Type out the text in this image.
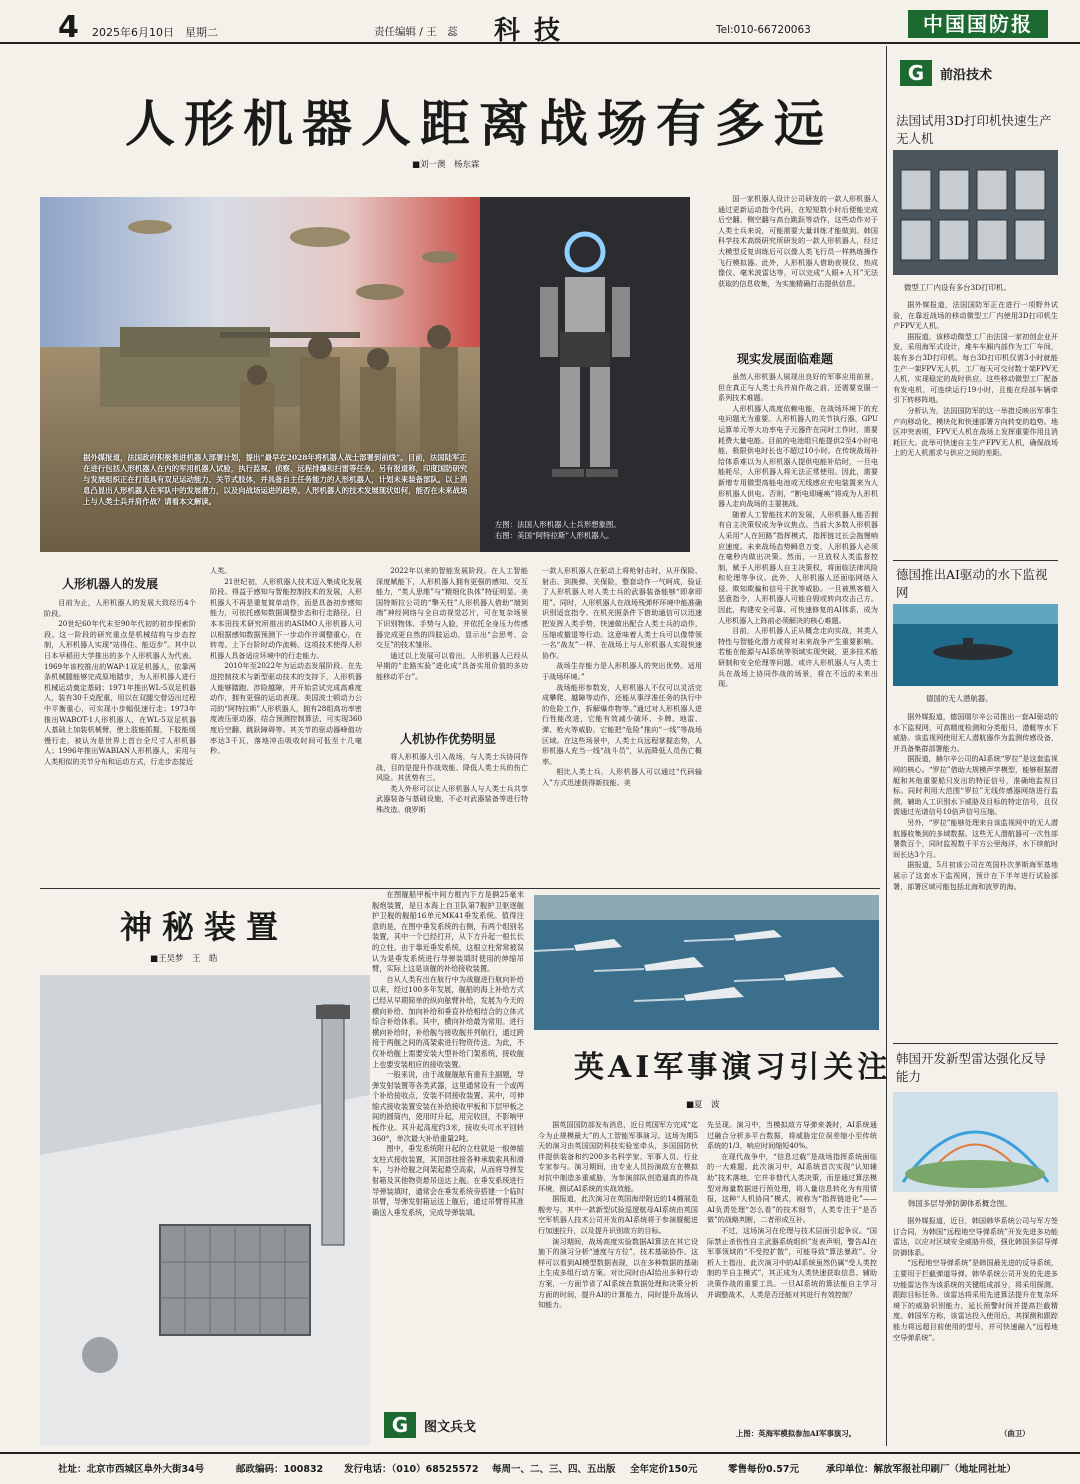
4 2025年6月10日　星期二	责任编辑 / 王　蕊 科技	Tel:010-66720063	中国国防报
人形机器人距离战场有多远
■刘一澳　杨东霖
据外媒报道，法国政府积极推进机器人部署计划，提出“最早在2028年将机器人战士部署到前线”。目前，法国陆军正在进行包括人形机器人在内的军用机器人试验，执行监视、侦察、远程排爆和扫雷等任务。另有报道称，印度国防研究与发展组织正在打造具有双足运动能力、关节式肢体，并具备自主任务能力的人形机器人，计划未来装备部队。以上消息凸显出人形机器人在军队中的发展潜力，以及向战场运进的趋势。人形机器人的技术发展现状如何，能否在未来战场上与人类士兵并肩作战？请看本文解读。
左图：法国人形机器人士兵形想象图。
右图：美国“阿特拉斯”人形机器人。

国一家机器人设计公司研发的一款人形机器人通过更新运动指令代码，在短短数小时后便能完成后空翻、侧空翻与高台跳跃等动作，这些动作对于人类士兵来说，可能需要大量训练才能做到。韩国科学技术高级研究所研发的一款人形机器人，经过大模型反复训练后可以像人类飞行员一样熟练操作飞行模拟器。此外，人形机器人借助夜视仪、热成像仪、毫米波雷达等，可以完成“人眼+人耳”无法获取的信息收集，为实施精确打击提供信息。

现实发展面临难题

虽然人形机器人展现出良好的军事应用前景，但在真正与人类士兵并肩作战之前，还需要克服一系列技术难题。

人形机器人高度依赖电能，在战场环境下的充电问题尤为重要。人形机器人的关节执行器、GPU运算单元等大功率电子元器件在同时工作时，需要耗费大量电能。目前的电池组只能提供2至4小时电能，极限供电时长也不超过10小时。在传统战场补给体系难以为人形机器人提供电能补给时，一旦电能耗尽，人形机器人将无法正常使用。因此，需要新增专用微型高能电池或无线感应充电装置来为人形机器人供电。否则，“断电即瘫痪”将成为人形机器人走向战场的主要挑战。

随着人工智能技术的发展，人形机器人能否拥有自主决策权成为争议焦点。当前大多数人形机器人采用“人在回路”指挥模式，指挥链过长会拖慢响应速度。未来战场态势瞬息万变，人形机器人必须在毫秒内做出决策。然而，一旦放权人类监督控制，赋予人形机器人自主决策权，将面临法律风险和伦理等争议。此外，人形机器人还面临网络入侵、欺知欺骗和信号干扰等威胁。一旦被黑客植入恶意指令，人形机器人可能自毁或转向攻击己方。因此，构建安全可靠、可快速修复的AI体系，成为人形机器人上阵前必须解决的核心难题。

目前，人形机器人正从概念走向实战，其类人特性与智能化潜力或将对未来战争产生重要影响。若能在能源与AI系统等领域实现突破，更多技术能研制和安全伦理等问题，或许人形机器人与人类士兵在战场上协同作战的场景，将在不远的未来出现。

人形机器人的发展

目前为止，人形机器人的发展大致经历4个阶段。

20世纪60年代末至90年代初的初步探索阶段。这一阶段的研究重点是机械结构与步态控制，人形机器人实现“站得住、能迈步”。其中以日本早稻田大学推出的多个人形机器人为代表。1969年该校推出的WAP-1双足机器人，依靠两条机械腿能够完成原地踏步，为人形机器人进行机械运动奠定基础；1971年推出WL-5双足机器人，装有30千克配重，用以在双腿交替迈出过程中平衡重心，可实现小步幅低速行走；1973年推出WABOT-1人形机器人，在WL-5双足机器人基础上加装机械臂，使上肢能抓握，下肢能缓慢行走，被认为是世界上首台全尺寸人形机器人；1996年推出WABIAN人形机器人，采用与人类相似的关节分布和运动方式，行走步态接近

人类。

21世纪初，人形机器人技术迈入集成化发展阶段。得益于感知与智能控制技术的发展，人形机器人不再是重复简单动作，而是具备初步感知能力，可依托感知数据调整步态和行走路径。日本本田技术研究所推出的ASIMO人形机器人可以根据感知数据预测下一步动作并调整重心，在转弯、上下台阶时动作流畅。这项技术使得人形机器人具备适应环境中的行走能力。

2010年至2022年为运动态发展阶段。在先进控制技术与新型驱动技术的支持下，人形机器人能够踏跑、涉险越障，并开始尝试完成高难度动作，拥有更强的运动表现。美国波士顿动力公司的“阿特拉斯”人形机器人，拥有28组高功率密度液压驱动器，结合预测控制算法，可实现360度后空翻、跳跃障碍等。其关节的驱动器峰值功率达3千瓦，落地冲击吸收时间可低至十几毫秒。

2022年以来的智能发展阶段。在人工智能深度赋能下，人形机器人拥有更强的感知、交互能力，“类人思维”与“精细化执体”特征明显。美国特斯拉公司的“擎天柱”人形机器人借助“端到端”神经网络与全自动视觉芯片，可在复杂场景下识别物体、手势与人脸，并依托全身压力传感器完成更自然的四肢运动，显示出“会思考、会交互”的技术雏形。

通过以上发展可以看出，人形机器人已经从早期的“走路实验”进化成“具备实用价值的多功能移动平台”。

人机协作优势明显

将人形机器人引入战场，与人类士兵协同作战，目的是提升作战效能、降低人类士兵的伤亡风险。其优势有三。

类人外形可以让人形机器人与人类士兵共享武器装备与基础设施，不必对武器装备等进行特殊改造。俄罗斯

一款人形机器人在驱动上将枪射击时，从开保险、射击、到换弹、关保险，整套动作一气呵成，验证了人形机器人对人类士兵的武器装备能够“即拿即用”。同时，人形机器人在战场残弹杯环境中能准确识别适宜指令、在机光照条件下借助通信可以迅速把发挥人类手势，快速做出配合人类士兵的动作，压缩或撤退等行动。这意味着人类士兵可以像带领一名“战友”一样，在战场上与人形机器人实现快速协作。

战场生存能力是人形机器人的突出优势。适用于战场环境。”

战场能形参数发，人形机器人不仅可以灵活完成攀爬、越障等动作，还能从事浮准任务的执行中的危险工作，拆解爆炸物等。”通过对人形机器人进行性能改进，它能有效减少破坏、卡牌、地雷、弹、枪火等威胁，它能把“危险”推向“一线”等战场区域。在这些场景中，人类士兵远程掌握态势，人形机器人充当一线“战斗员”，从而降低人员伤亡概率。

相比人类士兵，人形机器人可以通过“代码输入”方式迅速获得新技能。美

神秘装置
■王昊梦　王　皓

在图舰船甲板中间方框内下方是俩25毫米舰炮装置，是日本海上自卫队第7舰护卫驱逐舰护卫舰的舰船16单元MK41垂发系统。值得注意的是，在图中垂发系统的右侧，有两个组别名装置，其中一个已经打开，从下方升起一根长长的立柱。由于靠近垂发系统，这根立柱常常被误认为是垂发系统进行导弹装填时使用的伸缩吊臂，实际上这是该舰的补给接收装置。

自从人类有出在航行中为战舰进行航向补给以来，经过100多年发展，舰船的海上补给方式已经从早期简单的纵向舷臂补给，发展为今天的横向补给、加向补给和垂直补给相结合的立体式综合补给体系。其中，横向补给最为常用。进行横向补给时，补给舰与接收舰并列航行，通过跨接于两舰之间的高架索进行物资传送。为此，不仅补给舰上需要安装大型补给门架系统，接收舰上也要安装相应的接收装置。

一般来说，由于战舰舰舷有重有主副题，导弹发射装置等各类武器，这里通常设有一个或两个补给接收点，安装不同接收装置。其中，可伸缩式接收装置安装在补给接收甲板和下层甲板之间的圆筒内，使用时升起，用完收回，不影响甲板作业。其升起高度约3米，接收头可水平回转360°，单次最大补给重量2吨。

图中，垂发系统附升起的立柱就是一根伸缩支柱式接收装置，其顶部挂接各种承载索具和滑车，与补给舰之间架起悬空高索，从而将导弹发射箱及其他物资悬吊送达上舰。在垂发系统进行导弹装填时，通常会在垂发系统旁搭建一个临时吊臂，导弹发射箱运送上舰后，通过吊臂将其准确送入垂发系统，完成导弹装填。

英AI军事演习引关注
■夏　波

据英国国防部发布消息，近日英国军方完成“迄今为止规模最大”的人工智能军事演习。这场为期5天的演习由英国国防科技实验室牵头，多国国防伙伴提供装备和约200多名科学家、军事人员、行业专家参与。演习期间，由专业人员扮演敌方在模拟对抗中制造多重威胁，为参演部队创造逼真的作战环境，测试AI系统的实战效能。

据报道，此次演习在英国海岸附近的14艘展览舰旁与，其中一款新型试验巡逻航母AI系统由英国空军机器人技术公司开发的AI系统将于参演舰艇进行加速拉升，以及提升识别敌方的目标。

演习期间，战场高度实验数据AI算法在其它设施下的演习分析“速度与方位”，技术基础协作。这样可以看到AI模型数据表现，以在多种数据的基础上生成多组行动方案。对比同时由AI给出多种行动方案，一方面节省了AI系统在数据处理和决策分析方面的时间，提升AI的计算能力，同时提升战场认知能力。

先呈现。演习中，当模拟敌方导弹来袭时，AI系统通过融合分析多平台数据，将威胁定位误差缩小至传统系统的1/3，响应时间缩短40%。

在现代战争中，“信息过载”是战场指挥系统面临的一大难题。此次演习中，AI系统首次实现“认知辅助”技术落地，它并非替代人类决策，而是通过算法模型对海量数据进行预处理，将人量信息转化为有用情报，这种“人机协同”模式，被称为“指挥链进化”——AI负责处理“怎么看”的技术细节，人类专注于“是否做”的战略判断，二者形成互补。

不过，这场演习在伦理与技术层面引起争议。“国际禁止杀伤性自主武器系统组织”发表声明，警告AI在军事领域的“不受控扩散”，可能导致“算法暴政”。分析人士指出，此次演习中的AI系统虽然仍属“受人类控制的半自主模式”，其正成为人类快速获取信息、辅助决策作战的重要工具。一旦AI系统的算法能自主学习并调整战术，人类是否还能对其进行有效控制？

上图：英海军模拟参加AI军事演习。
G	图文兵戈
G	前沿技术
法国试用3D打印机快速生产无人机
微型工厂内设有多台3D打印机。

据外媒报道，法国国防军正在进行一项野外试验，在靠近战场的移动微型工厂内使用3D打印机生产FPV无人机。

据报道，该移动微型工厂由法国一家初创企业开发，采用海军式设计，堆车车厢内部作为工厂车间，装有多台3D打印机。每台3D打印机仅需3小时就能生产一架FPV无人机，工厂每天可交付数十架FPV无人机，实现稳定的战时供应。这些移动微型工厂配备有发电机，可连续运行19小时，且能在经部车辆牵引下转移阵地。

分析认为，法国国防军的这一举措反映出军事生产向移动化、模块化和快速部署方向转变的趋势。地区冲突表明，FPV无人机在战场上发挥重要作用且消耗巨大。此举可快速自主生产FPV无人机，确保战场上的无人机需求与供应之间的差距。

德国推出AI驱动的水下监视网
德国的无人潜航器。

据外媒报道，德国瑞尔辛公司推出一套AI驱动的水下监视网，可高精度检测和分类船只、潜艇等水下威胁。该监视网使用无人潜航器作为监测传感设备，并具备集群部署能力。

据报道，赫尔辛公司的AI系统“罗拉”是这套监视网的核心。“罗拉”借助大规模声学模型，能够根据潜艇和其他重要船只发出的特征信号，准确地监视目标。同时利用大范围“罗拉”无线传感器网络进行监测，辅助人工识别水下威胁及目标的特定信号，且仅需通过光谱信号10倍声信号压缩。

另外，“罗拉”能够处理来自该监视网中的无人潜航器收集到的多域数据。这些无人潜航器可一次性部署数百个，同时监视数千平方公里海洋，水下续航时间长达3个月。

据报道，5月初该公司在英国朴次茅斯海军基地展示了这套水下监视网，预计在下半年进行试验部署，部署区域可能包括北海和波罗的海。

韩国开发新型雷达强化反导能力
韩国多层导弹防御体系概念图。

据外媒报道，近日，韩国韩华系统公司与军方签订合同，为韩国“远程地空导弹系统”开发先进多功能雷达，以应对区域安全威胁升级，强化韩国多层导弹防御体系。

“远程地空导弹系统”是韩国最先进的反导系统，主要用于拦截弹道导弹。韩华系统公司开发的先进多功能雷达作为该系统的关键组成部分，将采用探测、跟踪目标任务。该雷达将采用先进算法提升在复杂环境下的威胁识别能力，延长预警时间并提高拦截精度。韩国军方称，该雷达投入使用后，其探测和跟踪能力将远超目前使用的型号，并可快速融入“远程地空导弹系统”。

（曲卫）
社址：北京市西城区阜外大街34号	邮政编码：100832 发行电话：（010）68525572 每周一、二、三、四、五出版 全年定价150元	零售每份0.57元	承印单位：解放军报社印刷厂（地址同社址）
